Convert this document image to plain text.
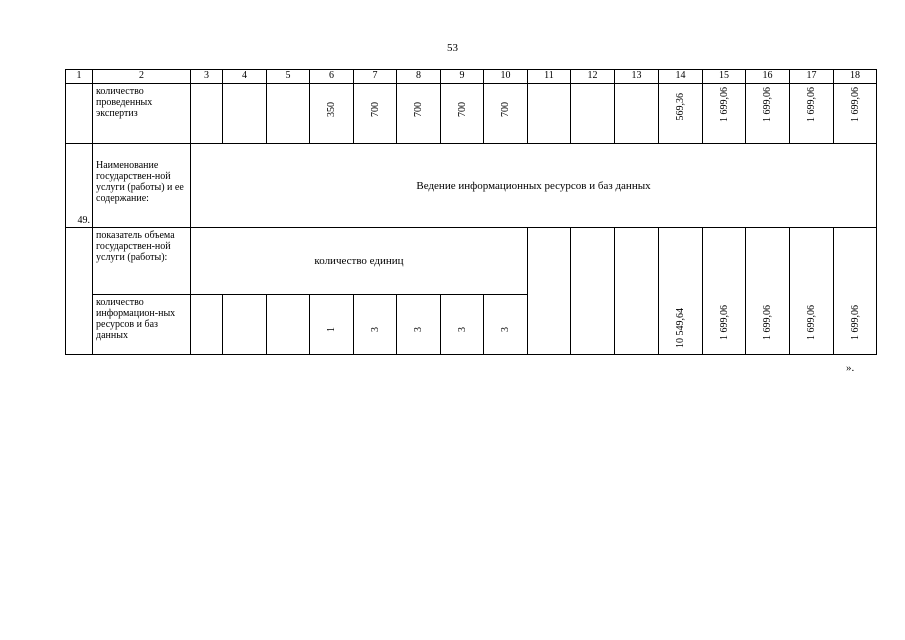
53
1	2	3	4	5	6	7	8	9	10	11	12	13	14	15	16	17	18
	количество проведенных экспертиз				350	700	700	700	700				569,36	1 699,06	1 699,06	1 699,06	1 699,06
49.	Наименование государствен-ной услуги (работы) и ее содержание:	Ведение информационных ресурсов и баз данных															
	показатель объема государствен-ной услуги (работы):	количество единиц											10 549,64	1 699,06	1 699,06	1 699,06	1 699,06
	количество информацион-ных ресурсов и баз данных				1	3	3	3	3								
».
